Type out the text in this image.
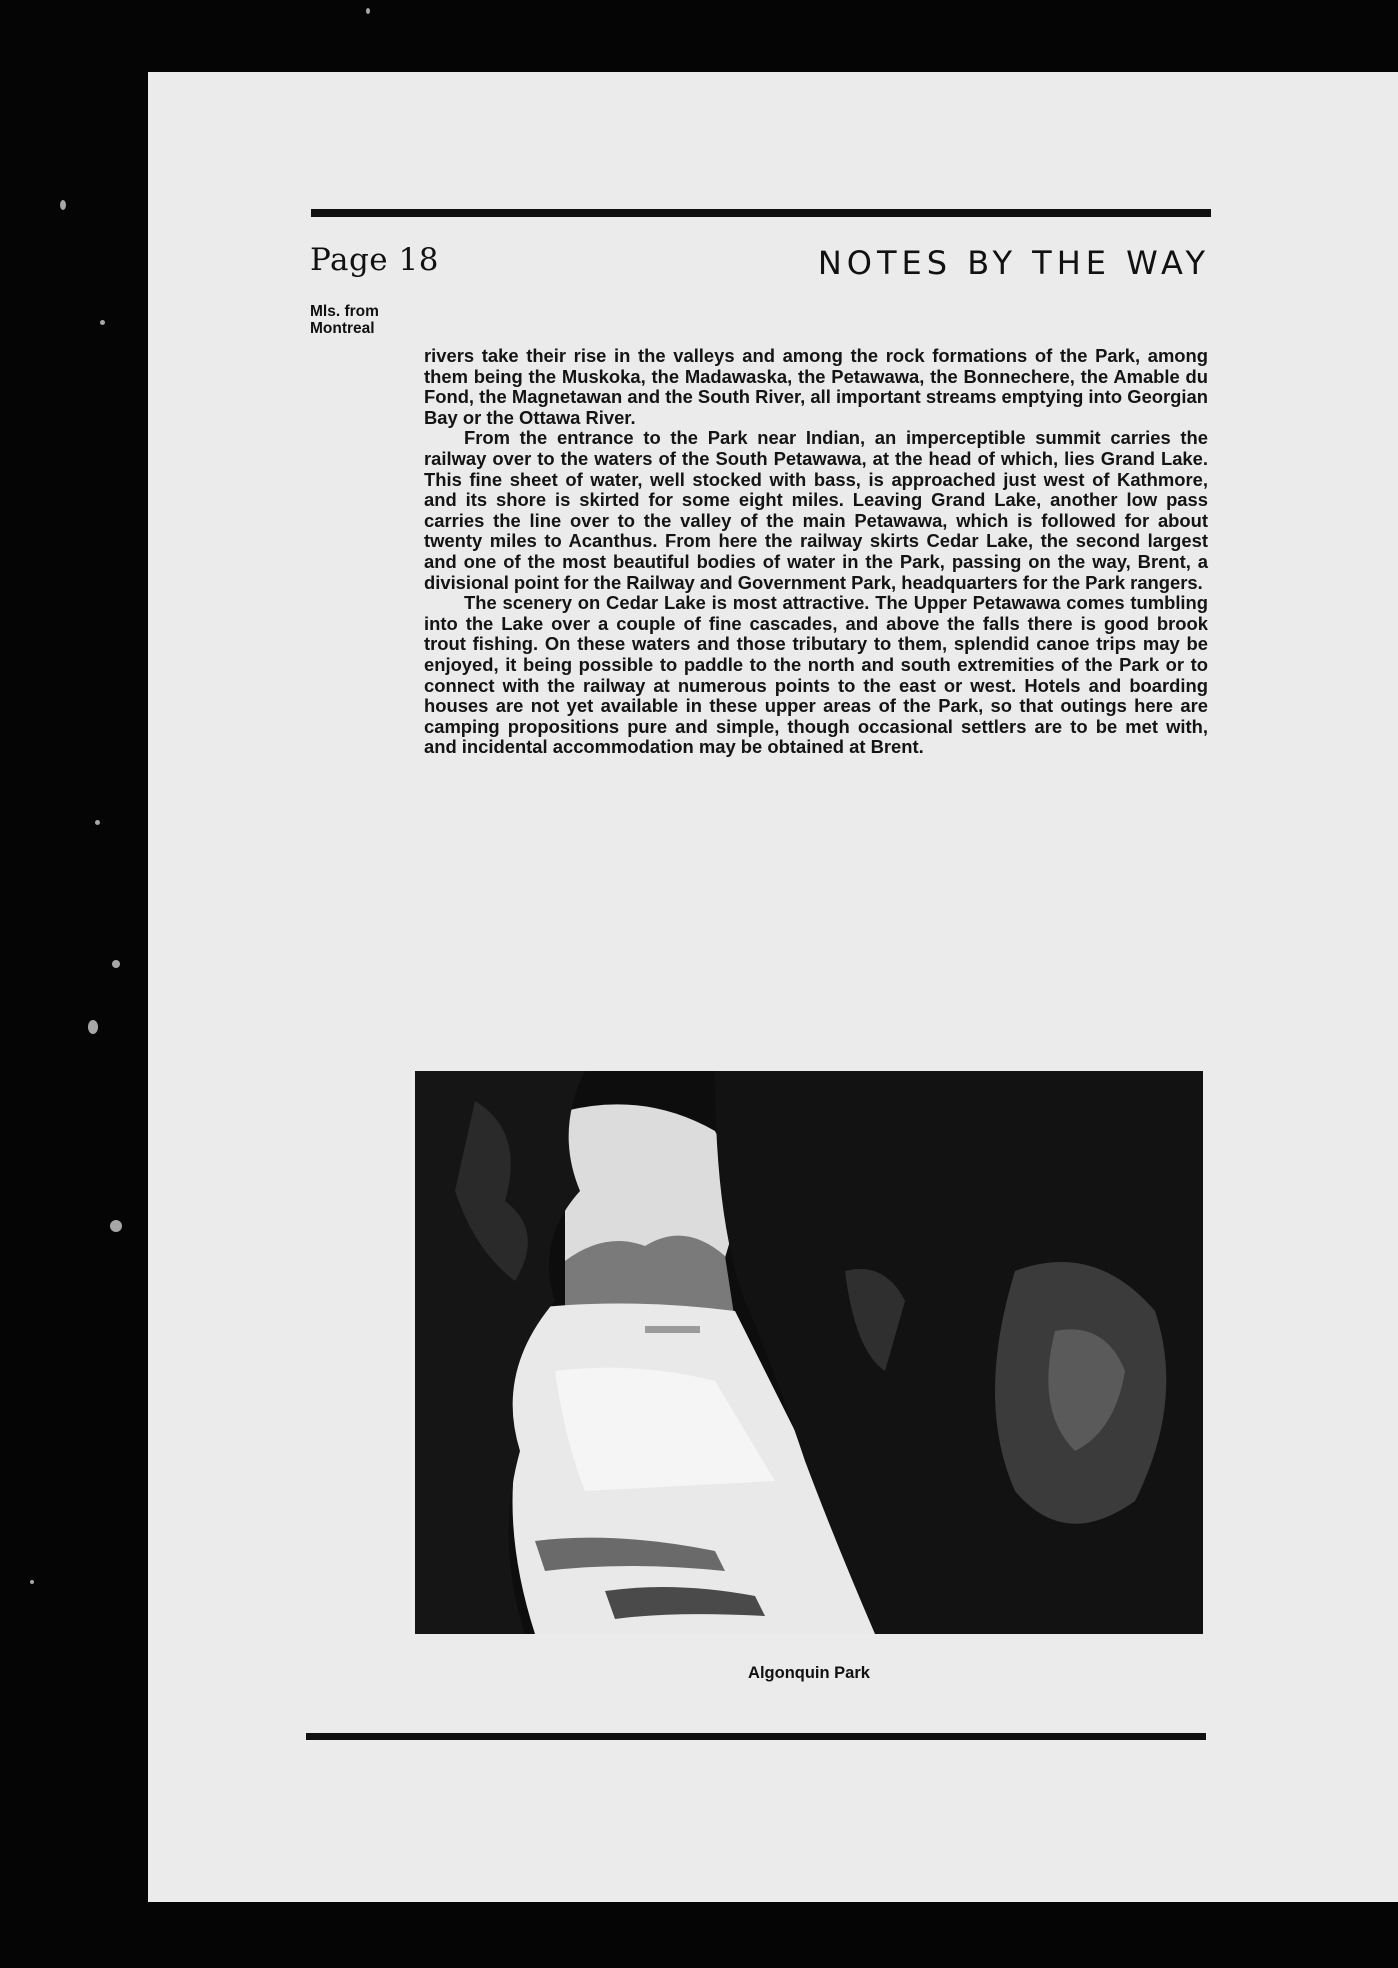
Page 18	NOTES BY THE WAY
Mls. from
Montreal

rivers take their rise in the valleys and among the rock formations of the Park, among them being the Muskoka, the Madawaska, the Petawawa, the Bonnechere, the Amable du Fond, the Magnetawan and the South River, all important streams emptying into Georgian Bay or the Ottawa River.

From the entrance to the Park near Indian, an imperceptible summit carries the railway over to the waters of the South Petawawa, at the head of which, lies Grand Lake. This fine sheet of water, well stocked with bass, is approached just west of Kathmore, and its shore is skirted for some eight miles. Leaving Grand Lake, another low pass carries the line over to the valley of the main Petawawa, which is followed for about twenty miles to Acanthus. From here the railway skirts Cedar Lake, the second largest and one of the most beautiful bodies of water in the Park, passing on the way, Brent, a divisional point for the Railway and Government Park, headquarters for the Park rangers.

The scenery on Cedar Lake is most attractive. The Upper Petawawa comes tumbling into the Lake over a couple of fine cascades, and above the falls there is good brook trout fishing. On these waters and those tributary to them, splendid canoe trips may be enjoyed, it being possible to paddle to the north and south extremities of the Park or to connect with the railway at numerous points to the east or west. Hotels and boarding houses are not yet available in these upper areas of the Park, so that outings here are camping propositions pure and simple, though occasional settlers are to be met with, and incidental accommodation may be obtained at Brent.

Algonquin Park
